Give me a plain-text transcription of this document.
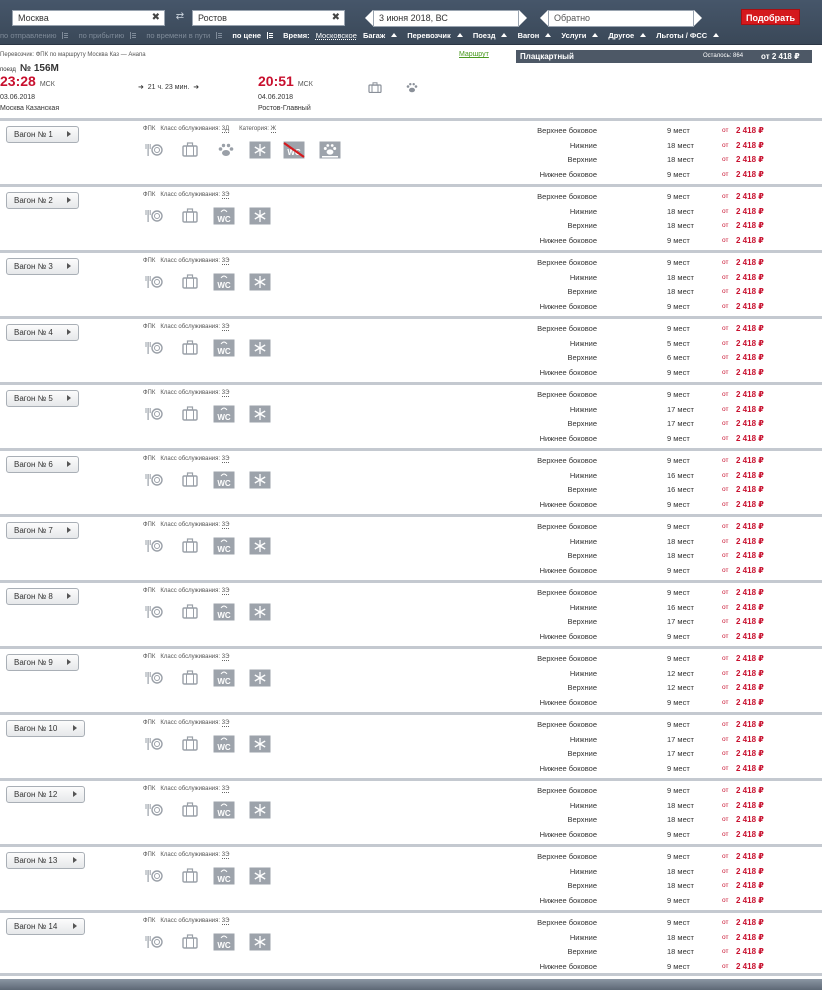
Москва	✖ ⇄	Ростов	✖	3 июня 2018, ВС	Обратно	Подобрать
по отправлению	по прибытию	по времени в пути	по цене	Время: Московское Багаж	Перевозчик	Поезд	Вагон	Услуги	Другое	Льготы / ФСС
Перевозчик: ФПК по маршруту Москва Каз — Анапа	Маршрут
поезд № 156М
23:28 МСК	➜  21 ч. 23 мин.  ➜	20:51 МСК
03.06.2018	04.06.2018
Москва Казанская	Ростов-Главный
Плацкартный	Осталось: 864 от 2 418 ₽
Вагон № 1
ФПК Класс обслуживания: 3Д Категория: Ж
WC
Верхнее боковое	9 мест	от 2 418 ₽
Нижние	18 мест	от 2 418 ₽
Верхние	18 мест	от 2 418 ₽
Нижнее боковое	9 мест	от 2 418 ₽
Вагон № 2
ФПК Класс обслуживания: 3Э
WC
Верхнее боковое	9 мест	от 2 418 ₽
Нижние	18 мест	от 2 418 ₽
Верхние	18 мест	от 2 418 ₽
Нижнее боковое	9 мест	от 2 418 ₽
Вагон № 3
ФПК Класс обслуживания: 3Э
WC
Верхнее боковое	9 мест	от 2 418 ₽
Нижние	18 мест	от 2 418 ₽
Верхние	18 мест	от 2 418 ₽
Нижнее боковое	9 мест	от 2 418 ₽
Вагон № 4
ФПК Класс обслуживания: 3Э
WC
Верхнее боковое	9 мест	от 2 418 ₽
Нижние	5 мест	от 2 418 ₽
Верхние	6 мест	от 2 418 ₽
Нижнее боковое	9 мест	от 2 418 ₽
Вагон № 5
ФПК Класс обслуживания: 3Э
WC
Верхнее боковое	9 мест	от 2 418 ₽
Нижние	17 мест	от 2 418 ₽
Верхние	17 мест	от 2 418 ₽
Нижнее боковое	9 мест	от 2 418 ₽
Вагон № 6
ФПК Класс обслуживания: 3Э
WC
Верхнее боковое	9 мест	от 2 418 ₽
Нижние	16 мест	от 2 418 ₽
Верхние	16 мест	от 2 418 ₽
Нижнее боковое	9 мест	от 2 418 ₽
Вагон № 7
ФПК Класс обслуживания: 3Э
WC
Верхнее боковое	9 мест	от 2 418 ₽
Нижние	18 мест	от 2 418 ₽
Верхние	18 мест	от 2 418 ₽
Нижнее боковое	9 мест	от 2 418 ₽
Вагон № 8
ФПК Класс обслуживания: 3Э
WC
Верхнее боковое	9 мест	от 2 418 ₽
Нижние	16 мест	от 2 418 ₽
Верхние	17 мест	от 2 418 ₽
Нижнее боковое	9 мест	от 2 418 ₽
Вагон № 9
ФПК Класс обслуживания: 3Э
WC
Верхнее боковое	9 мест	от 2 418 ₽
Нижние	12 мест	от 2 418 ₽
Верхние	12 мест	от 2 418 ₽
Нижнее боковое	9 мест	от 2 418 ₽
Вагон № 10
ФПК Класс обслуживания: 3Э
WC
Верхнее боковое	9 мест	от 2 418 ₽
Нижние	17 мест	от 2 418 ₽
Верхние	17 мест	от 2 418 ₽
Нижнее боковое	9 мест	от 2 418 ₽
Вагон № 12
ФПК Класс обслуживания: 3Э
WC
Верхнее боковое	9 мест	от 2 418 ₽
Нижние	18 мест	от 2 418 ₽
Верхние	18 мест	от 2 418 ₽
Нижнее боковое	9 мест	от 2 418 ₽
Вагон № 13
ФПК Класс обслуживания: 3Э
WC
Верхнее боковое	9 мест	от 2 418 ₽
Нижние	18 мест	от 2 418 ₽
Верхние	18 мест	от 2 418 ₽
Нижнее боковое	9 мест	от 2 418 ₽
Вагон № 14
ФПК Класс обслуживания: 3Э
WC
Верхнее боковое	9 мест	от 2 418 ₽
Нижние	18 мест	от 2 418 ₽
Верхние	18 мест	от 2 418 ₽
Нижнее боковое	9 мест	от 2 418 ₽
